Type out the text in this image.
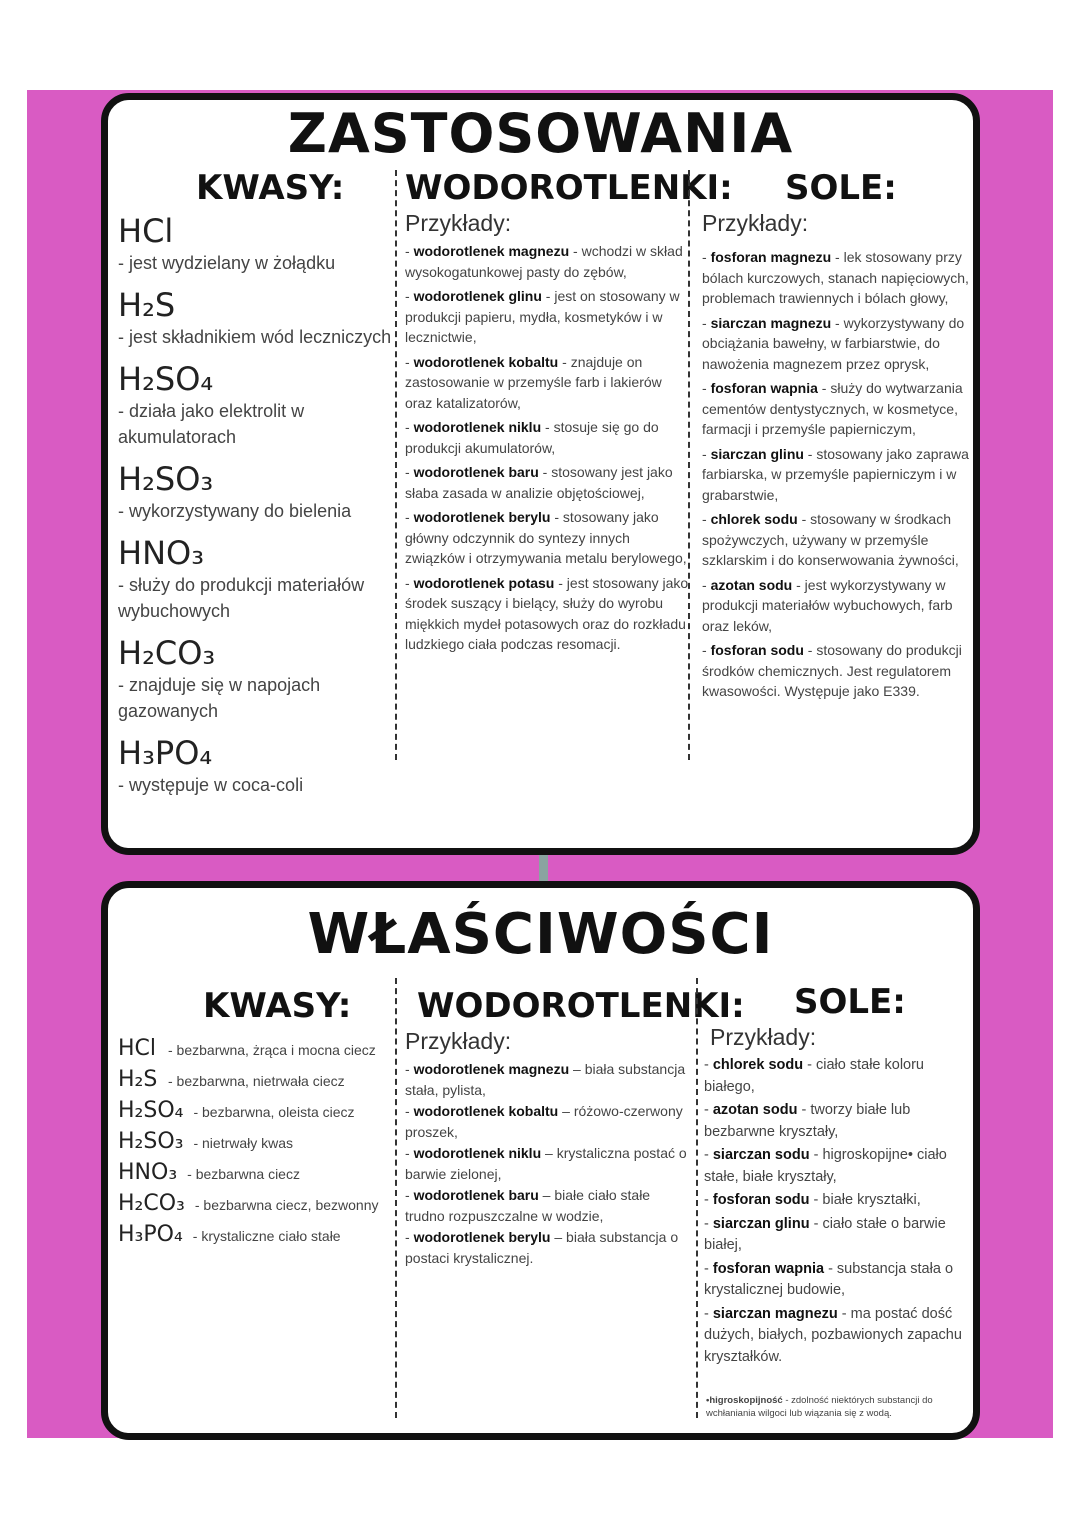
ZASTOSOWANIA
KWASY:
HCl
- jest wydzielany w żołądku
H₂S
- jest składnikiem wód leczniczych
H₂SO₄
- działa jako elektrolit w akumulatorach
H₂SO₃
- wykorzystywany do bielenia
HNO₃
- służy do produkcji materiałów wybuchowych
H₂CO₃
- znajduje się w napojach gazowanych
H₃PO₄
- występuje w coca-coli
WODOROTLENKI:
Przykłady:
- wodorotlenek magnezu - wchodzi w skład wysokogatunkowej pasty do zębów,
- wodorotlenek glinu - jest on stosowany w produkcji papieru, mydła, kosmetyków i w lecznictwie,
- wodorotlenek kobaltu - znajduje on zastosowanie w przemyśle farb i lakierów oraz katalizatorów,
- wodorotlenek niklu - stosuje się go do produkcji akumulatorów,
- wodorotlenek baru - stosowany jest jako słaba zasada w analizie objętościowej,
- wodorotlenek berylu - stosowany jako główny odczynnik do syntezy innych związków i otrzymywania metalu berylowego,
- wodorotlenek potasu - jest stosowany jako środek suszący i bielący, służy do wyrobu miękkich mydeł potasowych oraz do rozkładu ludzkiego ciała podczas resomacji.
SOLE:
Przykłady:
- fosforan magnezu - lek stosowany przy bólach kurczowych, stanach napięciowych, problemach trawiennych i bólach głowy,
- siarczan magnezu - wykorzystywany do obciążania bawełny, w farbiarstwie, do nawożenia magnezem przez oprysk,
- fosforan wapnia - służy do wytwarzania cementów dentystycznych, w kosmetyce, farmacji i przemyśle papierniczym,
- siarczan glinu - stosowany jako zaprawa farbiarska, w przemyśle papierniczym i w grabarstwie,
- chlorek sodu - stosowany w środkach spożywczych, używany w przemyśle szklarskim i do konserwowania żywności,
- azotan sodu - jest wykorzystywany w produkcji materiałów wybuchowych, farb oraz leków,
- fosforan sodu - stosowany do produkcji środków chemicznych. Jest regulatorem kwasowości. Występuje jako E339.
WŁAŚCIWOŚCI
KWASY:
HCl - bezbarwna, żrąca i mocna ciecz
H₂S - bezbarwna, nietrwała ciecz
H₂SO₄ - bezbarwna, oleista ciecz
H₂SO₃ - nietrwały kwas
HNO₃ - bezbarwna ciecz
H₂CO₃ - bezbarwna ciecz, bezwonny
H₃PO₄ - krystaliczne ciało stałe
WODOROTLENKI:
Przykłady:
- wodorotlenek magnezu – biała substancja stała, pylista,
- wodorotlenek kobaltu – różowo-czerwony proszek,
- wodorotlenek niklu – krystaliczna postać o barwie zielonej,
- wodorotlenek baru – białe ciało stałe trudno rozpuszczalne w wodzie,
- wodorotlenek berylu – biała substancja o postaci krystalicznej.
SOLE:
Przykłady:
- chlorek sodu - ciało stałe koloru białego,
- azotan sodu - tworzy białe lub bezbarwne kryształy,
- siarczan sodu - higroskopijne• ciało stałe, białe kryształy,
- fosforan sodu - białe kryształki,
- siarczan glinu - ciało stałe o barwie białej,
- fosforan wapnia - substancja stała o krystalicznej budowie,
- siarczan magnezu - ma postać dość dużych, białych, pozbawionych zapachu kryształków.
•higroskopijność - zdolność niektórych substancji do wchłaniania wilgoci lub wiązania się z wodą.
